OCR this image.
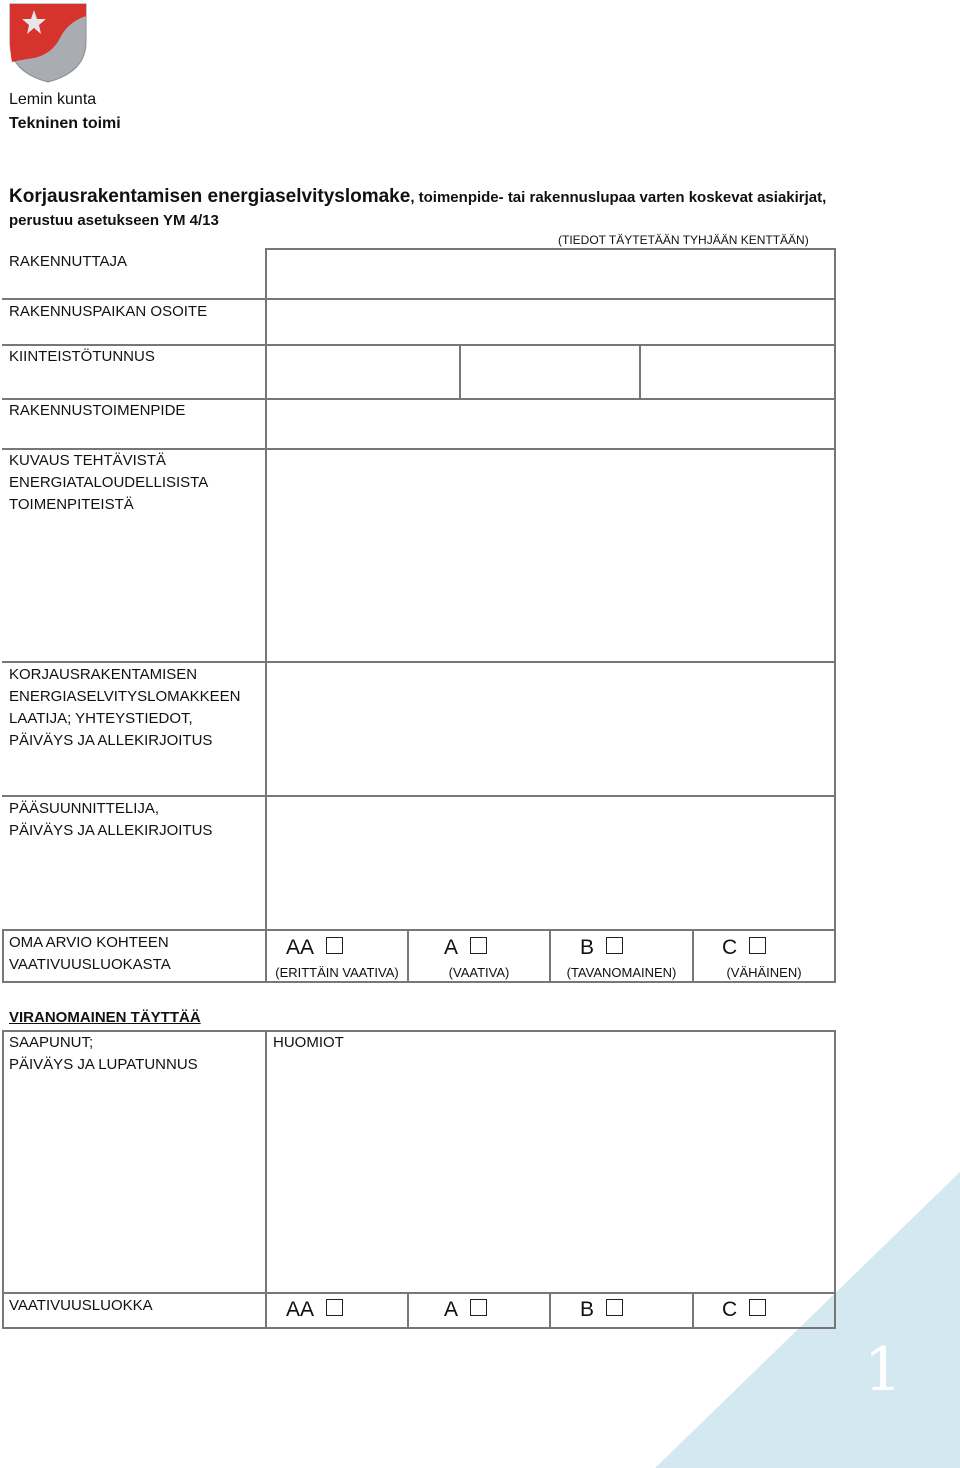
1
Lemin kunta
Tekninen toimi
Korjausrakentamisen energiaselvityslomake, toimenpide- tai rakennuslupaa varten koskevat asiakirjat, perustuu asetukseen YM 4/13
(TIEDOT TÄYTETÄÄN TYHJÄÄN KENTTÄÄN)
RAKENNUTTAJA
RAKENNUSPAIKAN OSOITE
KIINTEISTÖTUNNUS
RAKENNUSTOIMENPIDE
KUVAUS TEHTÄVISTÄ
ENERGIATALOUDELLISISTA
TOIMENPITEISTÄ
KORJAUSRAKENTAMISEN
ENERGIASELVITYSLOMAKKEEN
LAATIJA; YHTEYSTIEDOT,
PÄIVÄYS JA ALLEKIRJOITUS
PÄÄSUUNNITTELIJA,
PÄIVÄYS JA ALLEKIRJOITUS
OMA ARVIO KOHTEEN
VAATIVUUSLUOKASTA
AA	A	B	C
(ERITTÄIN VAATIVA)	(VAATIVA)	(TAVANOMAINEN)	(VÄHÄINEN)
VIRANOMAINEN TÄYTTÄÄ
SAAPUNUT;
PÄIVÄYS JA LUPATUNNUS
HUOMIOT
VAATIVUUSLUOKKA	AA	A	B	C
